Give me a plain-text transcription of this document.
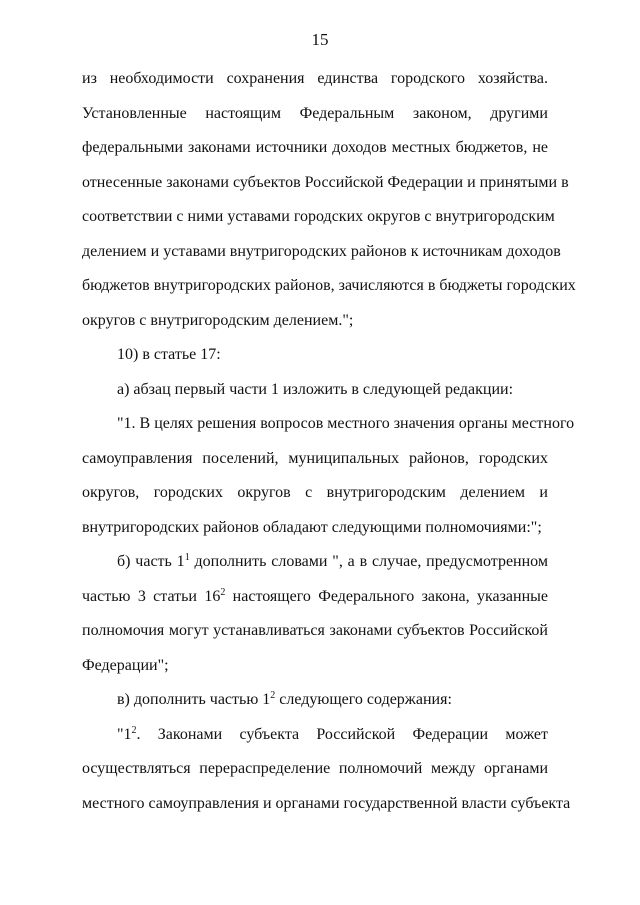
15
из необходимости сохранения единства городского хозяйства.
Установленные настоящим Федеральным законом, другими
федеральными законами источники доходов местных бюджетов, не
отнесенные законами субъектов Российской Федерации и принятыми в
соответствии с ними уставами городских округов с внутригородским
делением и уставами внутригородских районов к источникам доходов
бюджетов внутригородских районов, зачисляются в бюджеты городских
округов с внутригородским делением.";
10) в статье 17:
а) абзац первый части 1 изложить в следующей редакции:
"1. В целях решения вопросов местного значения органы местного
самоуправления поселений, муниципальных районов, городских
округов, городских округов с внутригородским делением и
внутригородских районов обладают следующими полномочиями:";
б) часть $1^1$ дополнить словами ", а в случае, предусмотренном
частью 3 статьи $16^2$ настоящего Федерального закона, указанные
полномочия могут устанавливаться законами субъектов Российской
Федерации";
в) дополнить частью $1^2$ следующего содержания:
"$1^2$. Законами субъекта Российской Федерации может
осуществляться перераспределение полномочий между органами
местного самоуправления и органами государственной власти субъекта
